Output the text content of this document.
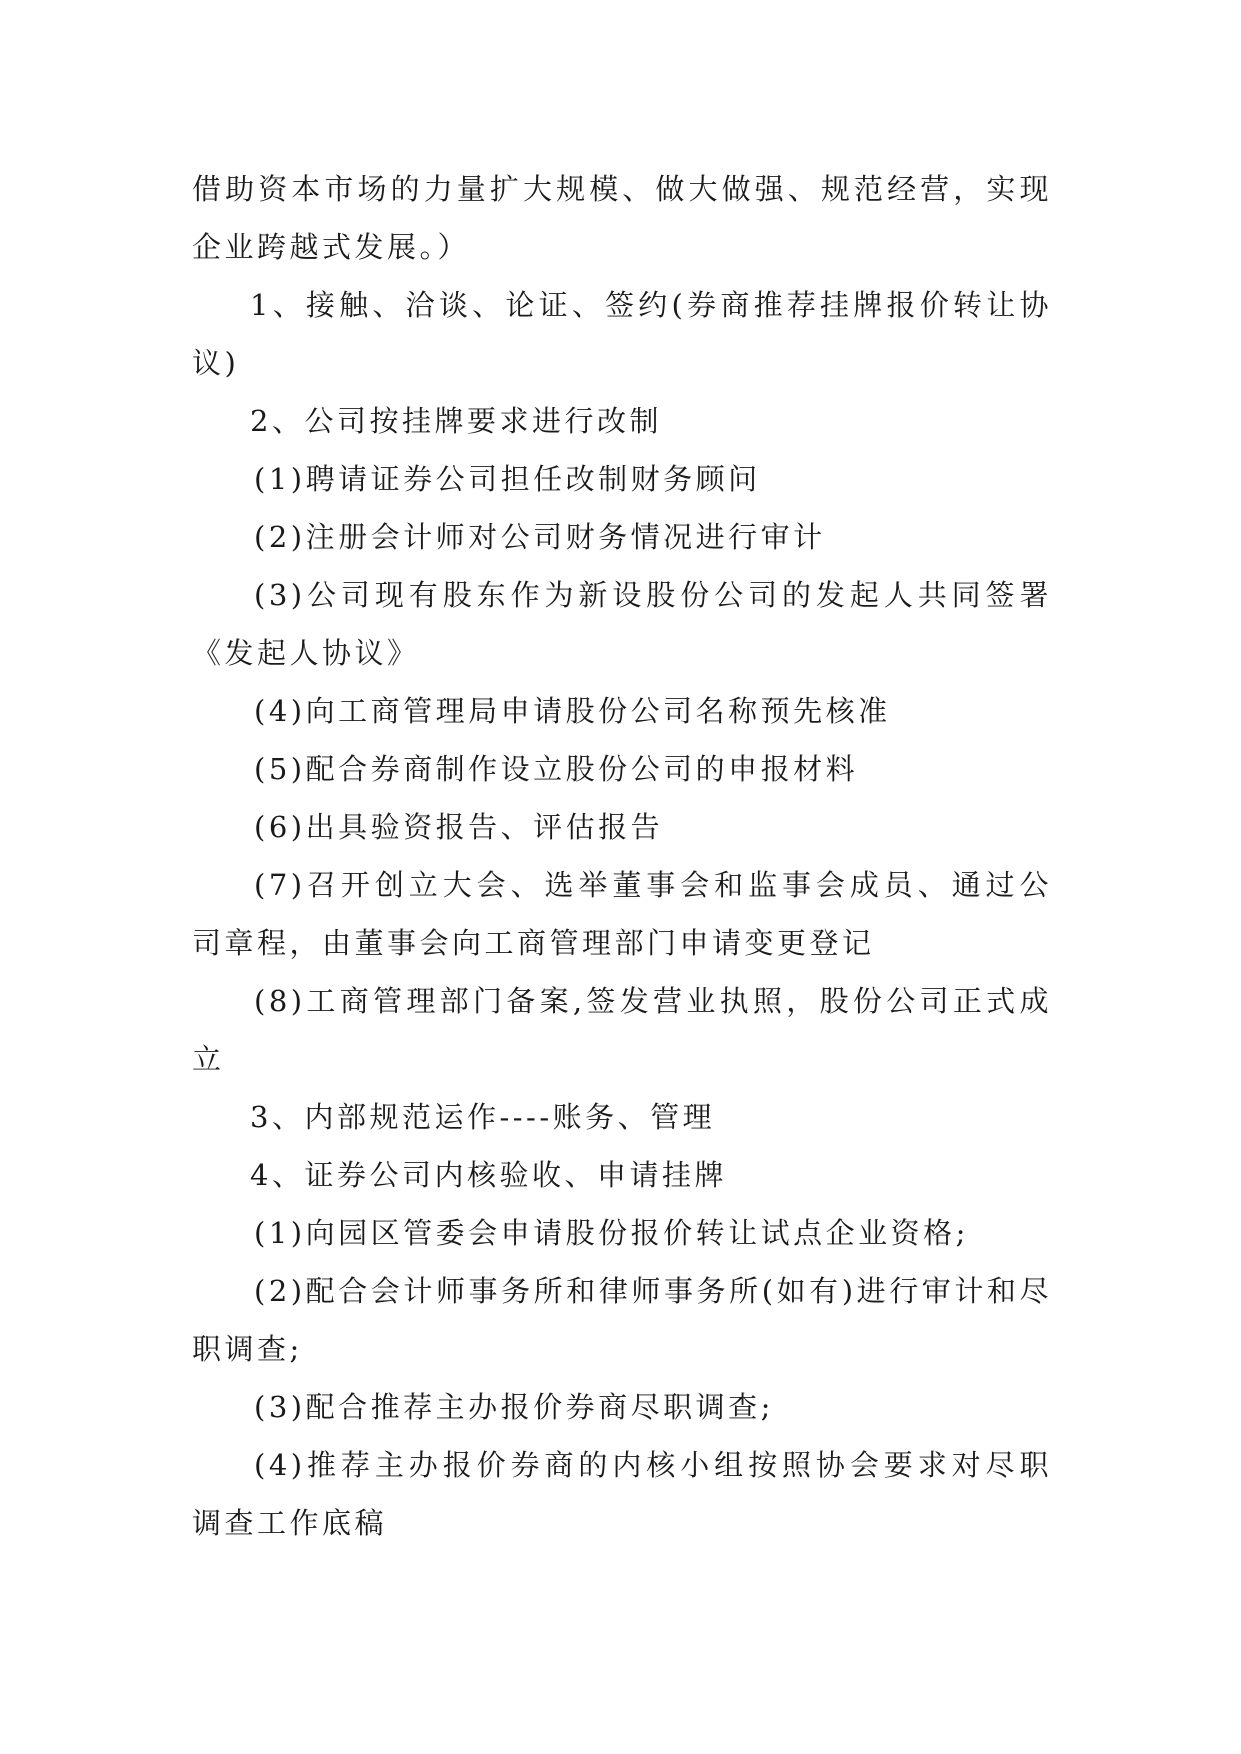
借助资本市场的力量扩大规模、做大做强、规范经营，实现企业跨越式发展。）

1、接触、洽谈、论证、签约(券商推荐挂牌报价转让协议)

2、公司按挂牌要求进行改制

(1)聘请证券公司担任改制财务顾问

(2)注册会计师对公司财务情况进行审计

(3)公司现有股东作为新设股份公司的发起人共同签署《发起人协议》

(4)向工商管理局申请股份公司名称预先核准

(5)配合券商制作设立股份公司的申报材料

(6)出具验资报告、评估报告

(7)召开创立大会、选举董事会和监事会成员、通过公司章程，由董事会向工商管理部门申请变更登记

(8)工商管理部门备案,签发营业执照，股份公司正式成立

3、内部规范运作----账务、管理

4、证券公司内核验收、申请挂牌

(1)向园区管委会申请股份报价转让试点企业资格;

(2)配合会计师事务所和律师事务所(如有)进行审计和尽职调查;

(3)配合推荐主办报价券商尽职调查;

(4)推荐主办报价券商的内核小组按照协会要求对尽职调查工作底稿
